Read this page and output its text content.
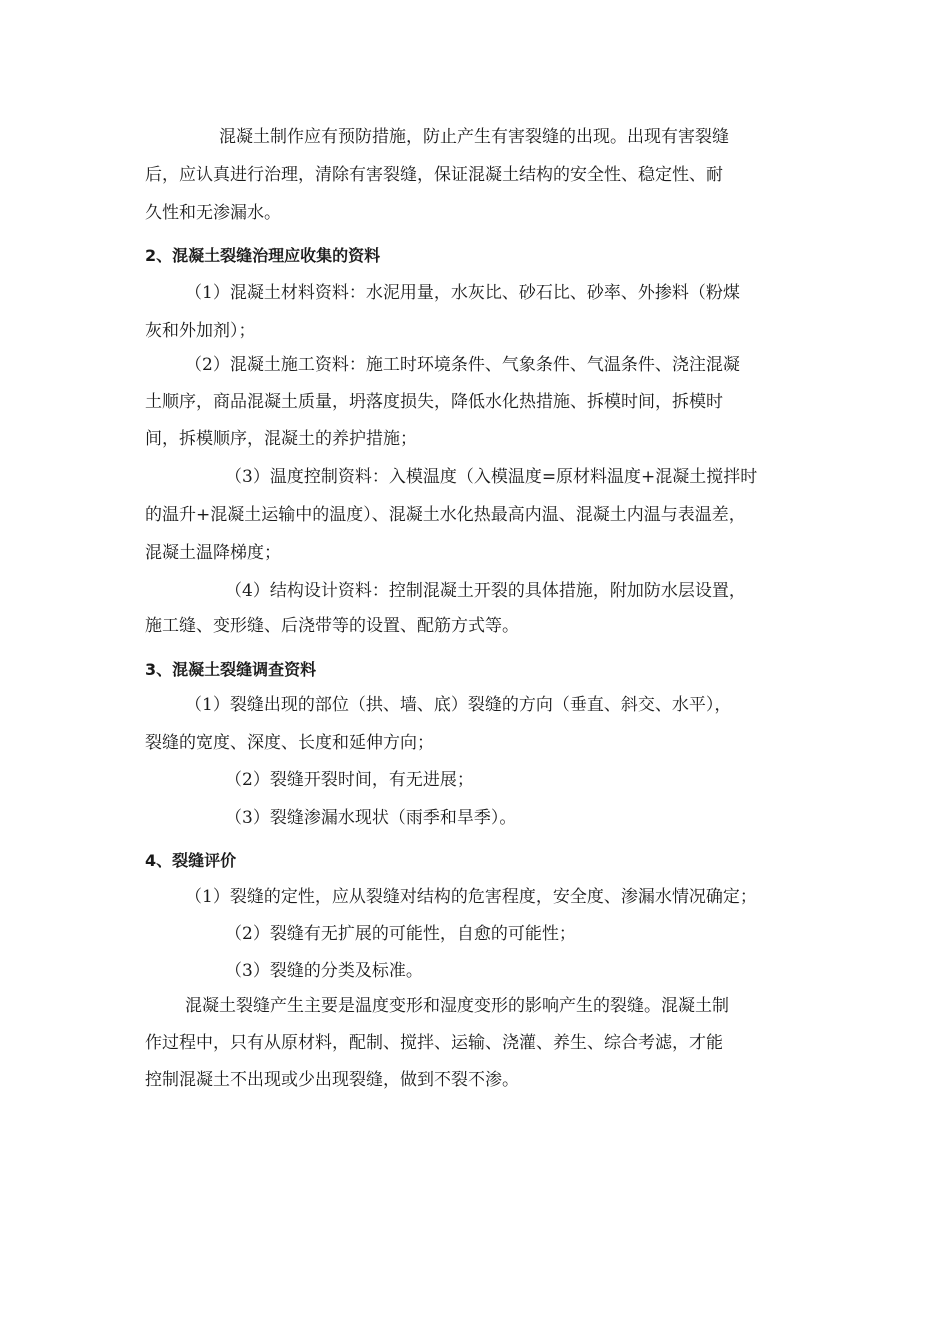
混凝土制作应有预防措施，防止产生有害裂缝的出现。出现有害裂缝
后，应认真进行治理，清除有害裂缝，保证混凝土结构的安全性、稳定性、耐
久性和无渗漏水。
2、混凝土裂缝治理应收集的资料
（1）混凝土材料资料：水泥用量，水灰比、砂石比、砂率、外掺料（粉煤
灰和外加剂）；
（2）混凝土施工资料：施工时环境条件、气象条件、气温条件、浇注混凝
土顺序，商品混凝土质量，坍落度损失，降低水化热措施、拆模时间，拆模时
间，拆模顺序，混凝土的养护措施；
（3）温度控制资料：入模温度（入模温度=原材料温度+混凝土搅拌时
的温升+混凝土运输中的温度）、混凝土水化热最高内温、混凝土内温与表温差，
混凝土温降梯度；
（4）结构设计资料：控制混凝土开裂的具体措施，附加防水层设置，
施工缝、变形缝、后浇带等的设置、配筋方式等。
3、混凝土裂缝调查资料
（1）裂缝出现的部位（拱、墙、底）裂缝的方向（垂直、斜交、水平），
裂缝的宽度、深度、长度和延伸方向；
（2）裂缝开裂时间，有无进展；
（3）裂缝渗漏水现状（雨季和旱季）。
4、裂缝评价
（1）裂缝的定性，应从裂缝对结构的危害程度，安全度、渗漏水情况确定；
（2）裂缝有无扩展的可能性，自愈的可能性；
（3）裂缝的分类及标准。
混凝土裂缝产生主要是温度变形和湿度变形的影响产生的裂缝。混凝土制
作过程中，只有从原材料，配制、搅拌、运输、浇灌、养生、综合考滤，才能
控制混凝土不出现或少出现裂缝，做到不裂不渗。
